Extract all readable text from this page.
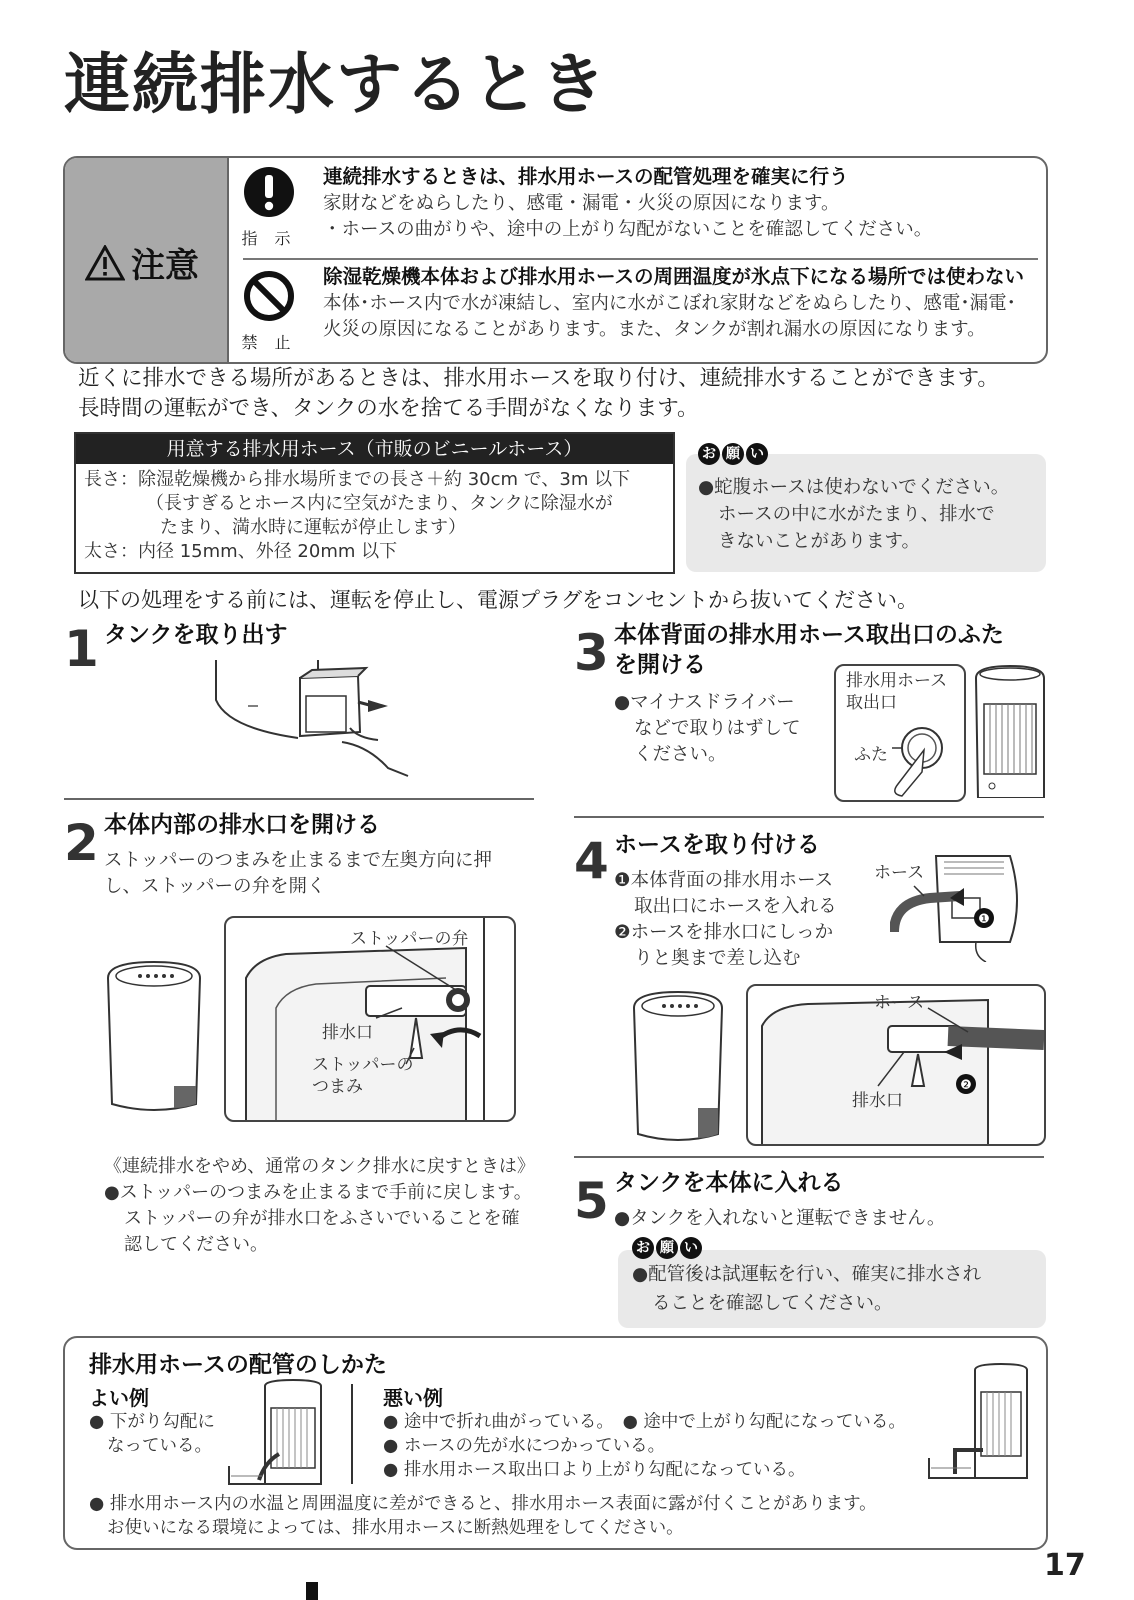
連続排水するとき
注意
指 示
連続排水するときは、排水用ホースの配管処理を確実に行う
家財などをぬらしたり、感電・漏電・火災の原因になります。
・ホースの曲がりや、途中の上がり勾配がないことを確認してください。
禁 止
除湿乾燥機本体および排水用ホースの周囲温度が氷点下になる場所では使わない
本体･ホース内で水が凍結し、室内に水がこぼれ家財などをぬらしたり、感電･漏電･
火災の原因になることがあります。また、タンクが割れ漏水の原因になります。
近くに排水できる場所があるときは、排水用ホースを取り付け、連続排水することができます。
長時間の運転ができ、タンクの水を捨てる手間がなくなります。
用意する排水用ホース（市販のビニールホース）
長さ：除湿乾燥機から排水場所までの長さ＋約 30cm で、3m 以下
（長すぎるとホース内に空気がたまり、タンクに除湿水が
たまり、満水時に運転が停止します）
太さ：内径 15mm、外径 20mm 以下
●蛇腹ホースは使わないでください。
ホースの中に水がたまり、排水で
きないことがあります。
お 願 い
以下の処理をする前には、運転を停止し、電源プラグをコンセントから抜いてください。
1 タンクを取り出す
2 本体内部の排水口を開ける
ストッパーのつまみを止まるまで左奥方向に押
し、ストッパーの弁を開く
ストッパーの弁
排水口
ストッパーの
つまみ
《連続排水をやめ、通常のタンク排水に戻すときは》
●ストッパーのつまみを止まるまで手前に戻します。
ストッパーの弁が排水口をふさいでいることを確
認してください。
3 本体背面の排水用ホース取出口のふた
を開ける
●マイナスドライバー
などで取りはずして
ください。
排水用ホース
取出口
ふた
4 ホースを取り付ける
❶本体背面の排水用ホース
取出口にホースを入れる
❷ホースを排水口にしっか
りと奥まで差し込む
ホース
❶
❷
ホース
排水口
5 タンクを本体に入れる
●タンクを入れないと運転できません。
●配管後は試運転を行い、確実に排水され
ることを確認してください。
お 願 い
排水用ホースの配管のしかた
よい例
● 下がり勾配に
なっている。
悪い例
● 途中で折れ曲がっている。　● 途中で上がり勾配になっている。
● ホースの先が水につかっている。
● 排水用ホース取出口より上がり勾配になっている。
● 排水用ホース内の水温と周囲温度に差ができると、排水用ホース表面に露が付くことがあります。
お使いになる環境によっては、排水用ホースに断熱処理をしてください。
17
